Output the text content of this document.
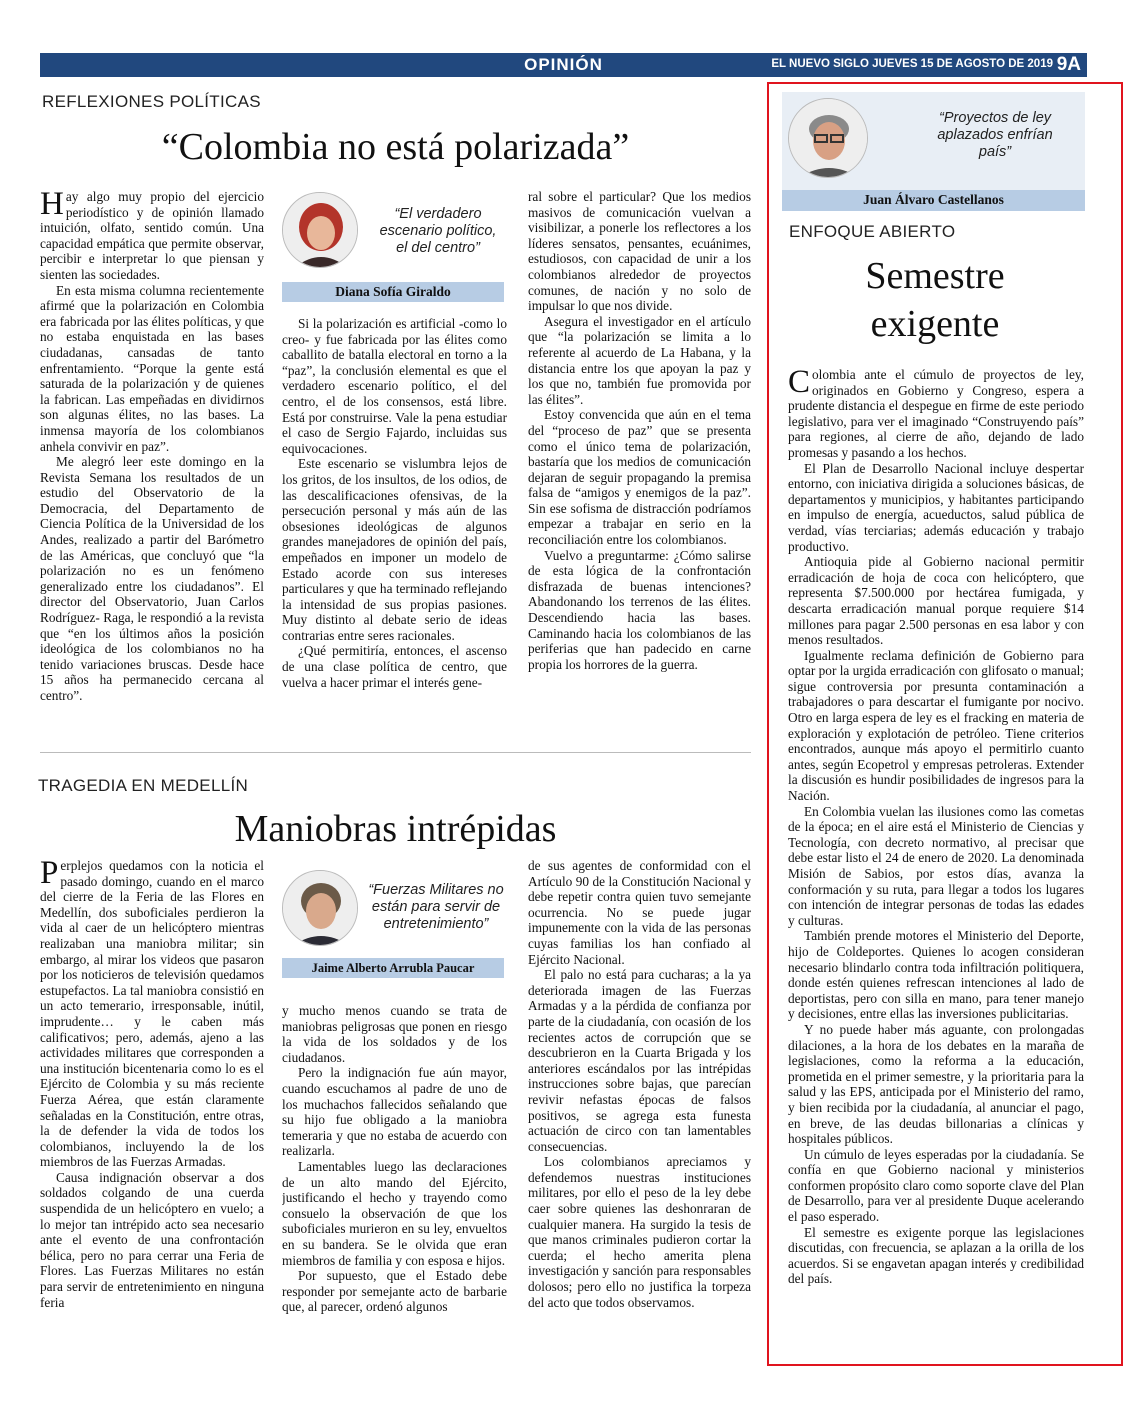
OPINIÓN	EL NUEVO SIGLO JUEVES 15 DE AGOSTO DE 2019 9A
REFLEXIONES POLÍTICAS
“Colombia no está polarizada”

Hay algo muy propio del ejercicio periodístico y de opinión llamado intuición, olfato, sentido común. Una capacidad empática que permite observar, percibir e interpretar lo que piensan y sienten las sociedades.

En esta misma columna recientemente afirmé que la polarización en Colombia era fabricada por las élites políticas, y que no estaba enquistada en las bases ciudadanas, cansadas de tanto enfrentamiento. “Porque la gente está saturada de la polarización y de quienes la fabrican. Las empeñadas en dividirnos son algunas élites, no las bases. La inmensa mayoría de los colombianos anhela convivir en paz”.

Me alegró leer este domingo en la Revista Semana los resultados de un estudio del Observatorio de la Democracia, del Departamento de Ciencia Política de la Universidad de los Andes, realizado a partir del Barómetro de las Américas, que concluyó que “la polarización no es un fenómeno generalizado entre los ciudadanos”. El director del Observatorio, Juan Carlos Rodríguez- Raga, le respondió a la revista que “en los últimos años la posición ideológica de los colombianos no ha tenido variaciones bruscas. Desde hace 15 años ha permanecido cercana al centro”.

“El verdadero escenario político, el del centro”
Diana Sofía Giraldo

Si la polarización es artificial -como lo creo- y fue fabricada por las élites como caballito de batalla electoral en torno a la “paz”, la conclusión elemental es que el verdadero escenario político, el del centro, el de los consensos, está libre. Está por construirse. Vale la pena estudiar el caso de Sergio Fajardo, incluidas sus equivocaciones.

Este escenario se vislumbra lejos de los gritos, de los insultos, de los odios, de las descalificaciones ofensivas, de la persecución personal y más aún de las obsesiones ideológicas de algunos grandes manejadores de opinión del país, empeñados en imponer un modelo de Estado acorde con sus intereses particulares y que ha terminado reflejando la intensidad de sus propias pasiones. Muy distinto al debate serio de ideas contrarias entre seres racionales.

¿Qué permitiría, entonces, el ascenso de una clase política de centro, que vuelva a hacer primar el interés gene-

ral sobre el particular? Que los medios masivos de comunicación vuelvan a visibilizar, a ponerle los reflectores a los líderes sensatos, pensantes, ecuánimes, estudiosos, con capacidad de unir a los colombianos alrededor de proyectos comunes, de nación y no solo de impulsar lo que nos divide.

Asegura el investigador en el artículo que “la polarización se limita a lo referente al acuerdo de La Habana, y la distancia entre los que apoyan la paz y los que no, también fue promovida por las élites”.

Estoy convencida que aún en el tema del “proceso de paz” que se presenta como el único tema de polarización, bastaría que los medios de comunicación dejaran de seguir propagando la premisa falsa de “amigos y enemigos de la paz”. Sin ese sofisma de distracción podríamos empezar a trabajar en serio en la reconciliación entre los colombianos.

Vuelvo a preguntarme: ¿Cómo salirse de esta lógica de la confrontación disfrazada de buenas intenciones? Abandonando los terrenos de las élites. Descendiendo hacia las bases. Caminando hacia los colombianos de las periferias que han padecido en carne propia los horrores de la guerra.

TRAGEDIA EN MEDELLÍN
Maniobras intrépidas

Perplejos quedamos con la noticia el pasado domingo, cuando en el marco del cierre de la Feria de las Flores en Medellín, dos suboficiales perdieron la vida al caer de un helicóptero mientras realizaban una maniobra militar; sin embargo, al mirar los videos que pasaron por los noticieros de televisión quedamos estupefactos. La tal maniobra consistió en un acto temerario, irresponsable, inútil, imprudente… y le caben más calificativos; pero, además, ajeno a las actividades militares que corresponden a una institución bicentenaria como lo es el Ejército de Colombia y su más reciente Fuerza Aérea, que están claramente señaladas en la Constitución, entre otras, la de defender la vida de todos los colombianos, incluyendo la de los miembros de las Fuerzas Armadas.

Causa indignación observar a dos soldados colgando de una cuerda suspendida de un helicóptero en vuelo; a lo mejor tan intrépido acto sea necesario ante el evento de una confrontación bélica, pero no para cerrar una Feria de Flores. Las Fuerzas Militares no están para servir de entretenimiento en ninguna feria

“Fuerzas Militares no están para servir de entretenimiento”
Jaime Alberto Arrubla Paucar

y mucho menos cuando se trata de maniobras peligrosas que ponen en riesgo la vida de los soldados y de los ciudadanos.

Pero la indignación fue aún mayor, cuando escuchamos al padre de uno de los muchachos fallecidos señalando que su hijo fue obligado a la maniobra temeraria y que no estaba de acuerdo con realizarla.

Lamentables luego las declaraciones de un alto mando del Ejército, justificando el hecho y trayendo como consuelo la observación de que los suboficiales murieron en su ley, envueltos en su bandera. Se le olvida que eran miembros de familia y con esposa e hijos.

Por supuesto, que el Estado debe responder por semejante acto de barbarie que, al parecer, ordenó algunos

de sus agentes de conformidad con el Artículo 90 de la Constitución Nacional y debe repetir contra quien tuvo semejante ocurrencia. No se puede jugar impunemente con la vida de las personas cuyas familias los han confiado al Ejército Nacional.

El palo no está para cucharas; a la ya deteriorada imagen de las Fuerzas Armadas y a la pérdida de confianza por parte de la ciudadanía, con ocasión de los recientes actos de corrupción que se descubrieron en la Cuarta Brigada y los anteriores escándalos por las intrépidas instrucciones sobre bajas, que parecían revivir nefastas épocas de falsos positivos, se agrega esta funesta actuación de circo con tan lamentables consecuencias.

Los colombianos apreciamos y defendemos nuestras instituciones militares, por ello el peso de la ley debe caer sobre quienes las deshonraran de cualquier manera. Ha surgido la tesis de que manos criminales pudieron cortar la cuerda; el hecho amerita plena investigación y sanción para responsables dolosos; pero ello no justifica la torpeza del acto que todos observamos.

“Proyectos de ley aplazados enfrían país”
Juan Álvaro Castellanos
ENFOQUE ABIERTO
Semestre
exigente

Colombia ante el cúmulo de proyectos de ley, originados en Gobierno y Congreso, espera a prudente distancia el despegue en firme de este periodo legislativo, para ver el imaginado “Construyendo país” para regiones, al cierre de año, dejando de lado promesas y pasando a los hechos.

El Plan de Desarrollo Nacional incluye despertar entorno, con iniciativa dirigida a soluciones básicas, de departamentos y municipios, y habitantes participando en impulso de energía, acueductos, salud pública de verdad, vías terciarias; además educación y trabajo productivo.

Antioquia pide al Gobierno nacional permitir erradicación de hoja de coca con helicóptero, que representa $7.500.000 por hectárea fumigada, y descarta erradicación manual porque requiere $14 millones para pagar 2.500 personas en esa labor y con menos resultados.

Igualmente reclama definición de Gobierno para optar por la urgida erradicación con glifosato o manual; sigue controversia por presunta contaminación a trabajadores o para descartar el fumigante por nocivo. Otro en larga espera de ley es el fracking en materia de exploración y explotación de petróleo. Tiene criterios encontrados, aunque más apoyo el permitirlo cuanto antes, según Ecopetrol y empresas petroleras. Extender la discusión es hundir posibilidades de ingresos para la Nación.

En Colombia vuelan las ilusiones como las cometas de la época; en el aire está el Ministerio de Ciencias y Tecnología, con decreto normativo, al precisar que debe estar listo el 24 de enero de 2020. La denominada Misión de Sabios, por estos días, avanza la conformación y su ruta, para llegar a todos los lugares con intención de integrar personas de todas las edades y culturas.

También prende motores el Ministerio del Deporte, hijo de Coldeportes. Quienes lo acogen consideran necesario blindarlo contra toda infiltración politiquera, donde estén quienes refrescan intenciones al lado de deportistas, pero con silla en mano, para tener manejo y decisiones, entre ellas las inversiones publicitarias.

Y no puede haber más aguante, con prolongadas dilaciones, a la hora de los debates en la maraña de legislaciones, como la reforma a la educación, prometida en el primer semestre, y la prioritaria para la salud y las EPS, anticipada por el Ministerio del ramo, y bien recibida por la ciudadanía, al anunciar el pago, en breve, de las deudas billonarias a clínicas y hospitales públicos.

Un cúmulo de leyes esperadas por la ciudadanía. Se confía en que Gobierno nacional y ministerios conformen propósito claro como soporte clave del Plan de Desarrollo, para ver al presidente Duque acelerando el paso esperado.

El semestre es exigente porque las legislaciones discutidas, con frecuencia, se aplazan a la orilla de los acuerdos. Si se engavetan apagan interés y credibilidad del país.
